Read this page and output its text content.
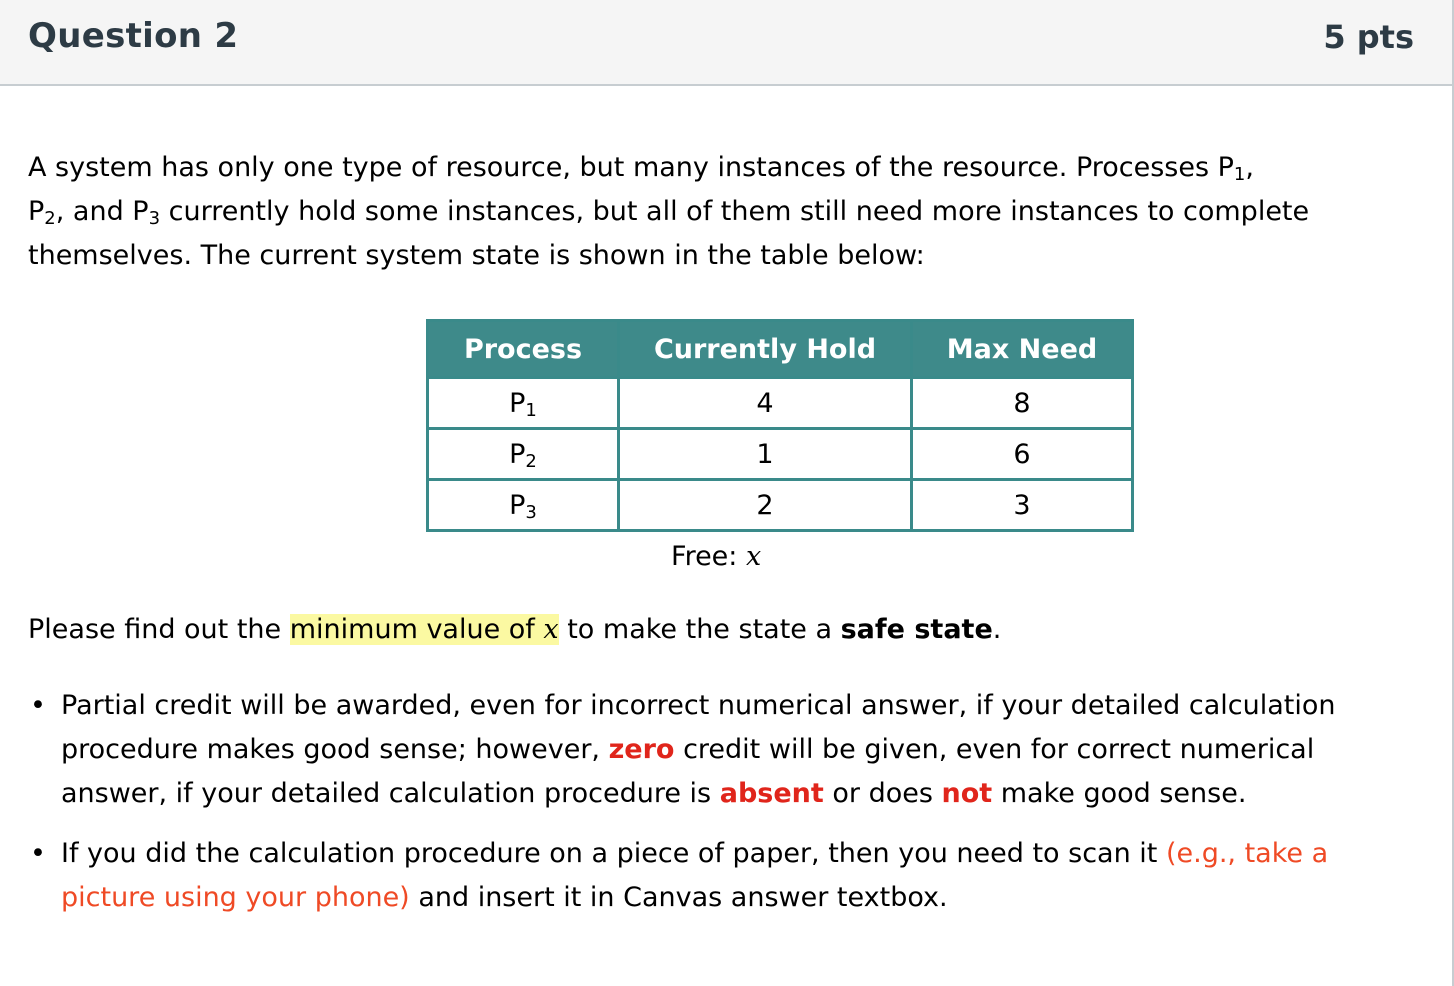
Question 2	5 pts
A system has only one type of resource, but many instances of the resource. Processes $P_1$,
$P_2$, and $P_3$ currently hold some instances, but all of them still need more instances to complete themselves. The current system state is shown in the table below:
Process	Currently Hold	Max Need
$P_1$	4	8
$P_2$	1	6
$P_3$	2	3
Free: x
Please find out the minimum value of x to make the state a safe state.
• Partial credit will be awarded, even for incorrect numerical answer, if your detailed calculation procedure makes good sense; however, zero credit will be given, even for correct numerical answer, if your detailed calculation procedure is absent or does not make good sense.
• If you did the calculation procedure on a piece of paper, then you need to scan it (e.g., take a picture using your phone) and insert it in Canvas answer textbox.
